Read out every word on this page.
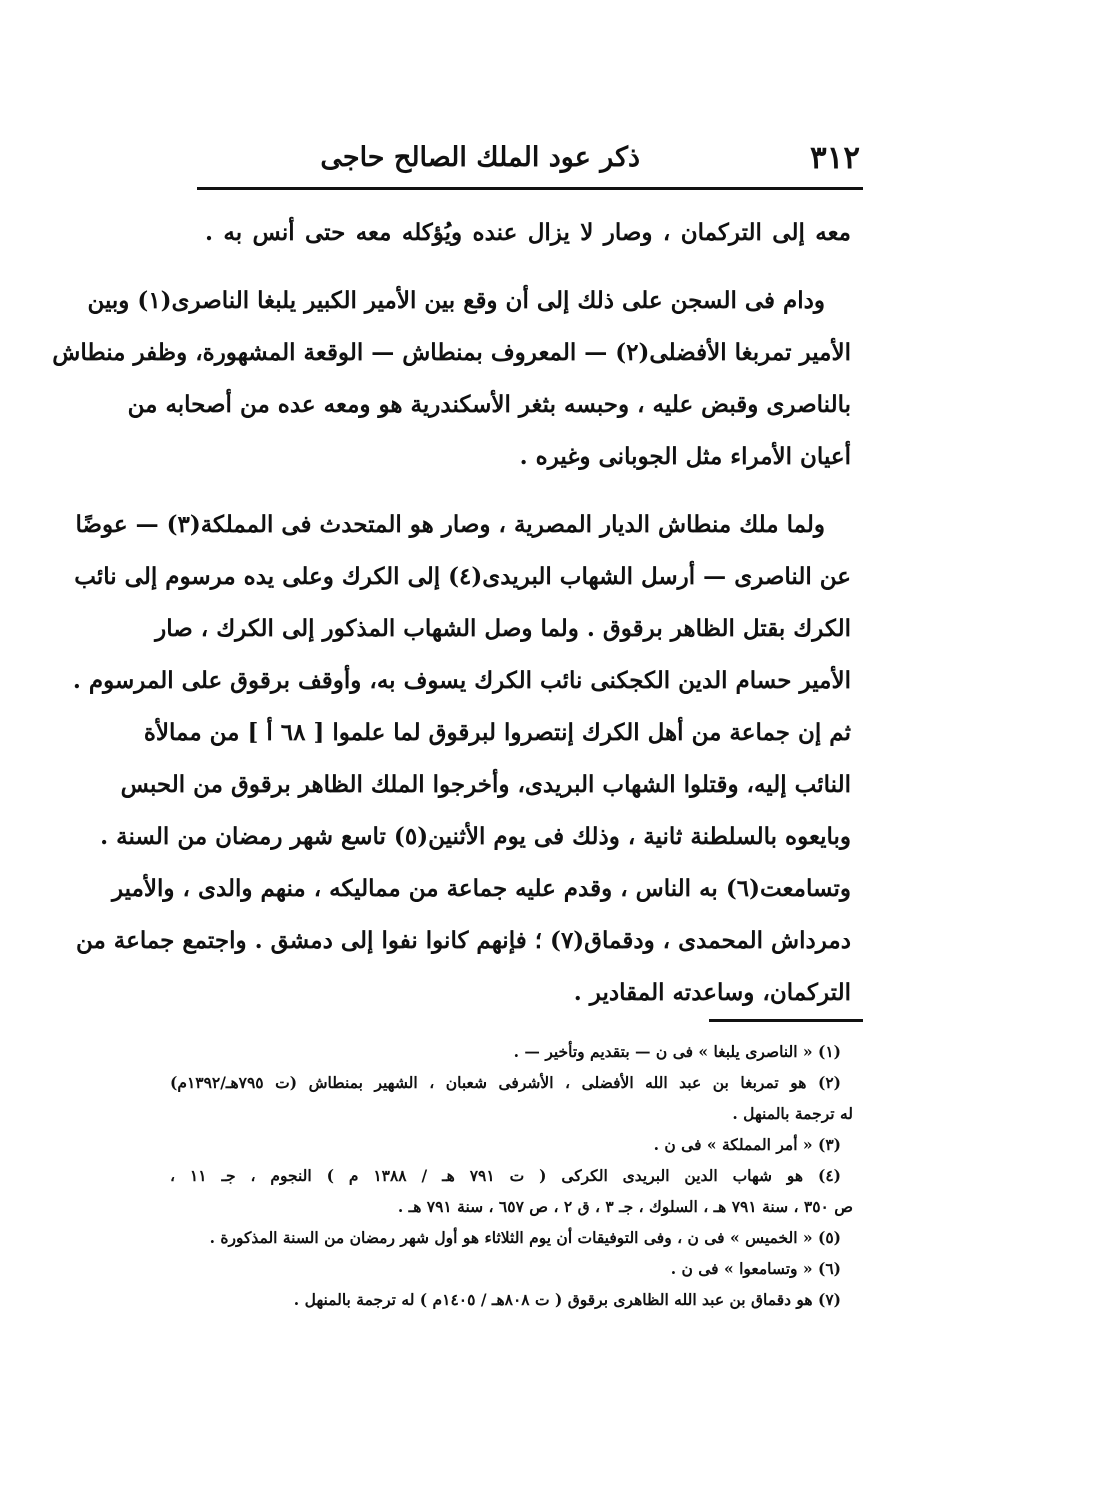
٣١٢
ذكر عود الملك الصالح حاجى
معه إلى التركمان ، وصار لا يزال عنده ويُؤكله معه حتى أنس به .
ودام فى السجن على ذلك إلى أن وقع بين الأمير الكبير يلبغا الناصرى(١) وبين
الأمير تمربغا الأفضلى(٢) — المعروف بمنطاش — الوقعة المشهورة، وظفر منطاش
بالناصرى وقبض عليه ، وحبسه بثغر الأسكندرية هو ومعه عده من أصحابه من
أعيان الأمراء مثل الجوبانى وغيره .
ولما ملك منطاش الديار المصرية ، وصار هو المتحدث فى المملكة(٣) — عوضًا
عن الناصرى — أرسل الشهاب البريدى(٤) إلى الكرك وعلى يده مرسوم إلى نائب
الكرك بقتل الظاهر برقوق . ولما وصل الشهاب المذكور إلى الكرك ، صار
الأمير حسام الدين الكجكنى نائب الكرك يسوف به، وأوقف برقوق على المرسوم .
ثم إن جماعة من أهل الكرك إنتصروا لبرقوق لما علموا [ ٦٨ أ ] من ممالأة
النائب إليه، وقتلوا الشهاب البريدى، وأخرجوا الملك الظاهر برقوق من الحبس
وبايعوه بالسلطنة ثانية ، وذلك فى يوم الأثنين(٥) تاسع شهر رمضان من السنة .
وتسامعت(٦) به الناس ، وقدم عليه جماعة من مماليكه ، منهم والدى ، والأمير
دمرداش المحمدى ، ودقماق(٧) ؛ فإنهم كانوا نفوا إلى دمشق . واجتمع جماعة من
التركمان، وساعدته المقادير .
(١) « الناصرى يلبغا » فى ن — بتقديم وتأخير — .
(٢) هو تمربغا بن عبد الله الأفضلى ، الأشرفى شعبان ، الشهير بمنطاش (ت ٧٩٥هـ/١٣٩٢م)
له ترجمة بالمنهل .
(٣) « أمر المملكة » فى ن .
(٤) هو شهاب الدين البريدى الكركى ( ت ٧٩١ هـ / ١٣٨٨ م ) النجوم ، جـ ١١ ،
ص ٣٥٠ ، سنة ٧٩١ هـ ، السلوك ، جـ ٣ ، ق ٢ ، ص ٦٥٧ ، سنة ٧٩١ هـ .
(٥) « الخميس » فى ن ، وفى التوفيقات أن يوم الثلاثاء هو أول شهر رمضان من السنة المذكورة .
(٦) « وتسامعوا » فى ن .
(٧) هو دقماق بن عبد الله الظاهرى برقوق ( ت ٨٠٨هـ / ١٤٠٥م ) له ترجمة بالمنهل .
